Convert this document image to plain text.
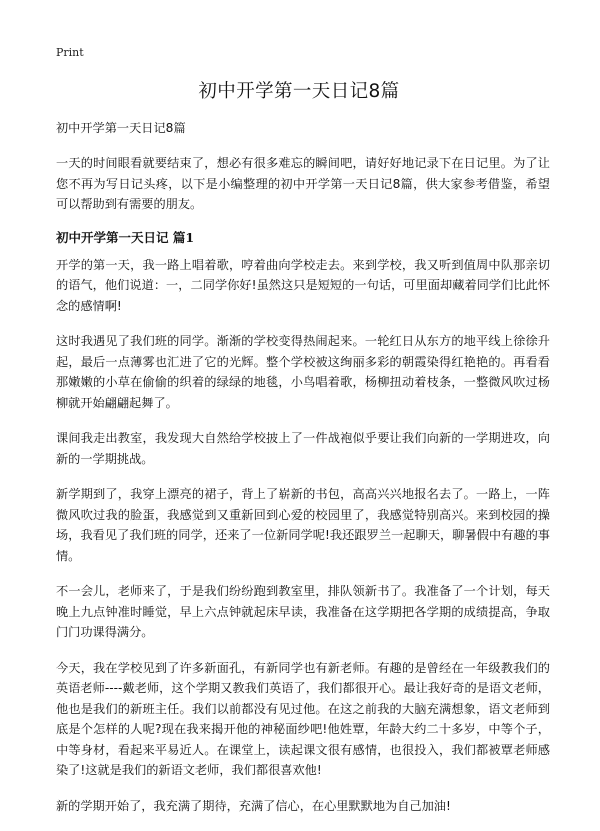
Print
初中开学第一天日记8篇

初中开学第一天日记8篇

一天的时间眼看就要结束了，想必有很多难忘的瞬间吧，请好好地记录下在日记里。为了让您不再为写日记头疼，以下是小编整理的初中开学第一天日记8篇，供大家参考借鉴，希望可以帮助到有需要的朋友。

初中开学第一天日记 篇1

开学的第一天，我一路上唱着歌，哼着曲向学校走去。来到学校，我又听到值周中队那亲切的语气，他们说道：一，二同学你好!虽然这只是短短的一句话，可里面却藏着同学们比此怀念的感情啊!

这时我遇见了我们班的同学。渐渐的学校变得热闹起来。一轮红日从东方的地平线上徐徐升起，最后一点薄雾也汇进了它的光辉。整个学校被这绚丽多彩的朝霞染得红艳艳的。再看看那嫩嫩的小草在偷偷的织着的绿绿的地毯，小鸟唱着歌，杨柳扭动着枝条，一整微风吹过杨柳就开始翩翩起舞了。

课间我走出教室，我发现大自然给学校披上了一件战袍似乎要让我们向新的一学期进攻，向新的一学期挑战。

新学期到了，我穿上漂亮的裙子，背上了崭新的书包，高高兴兴地报名去了。一路上，一阵微风吹过我的脸蛋，我感觉到又重新回到心爱的校园里了，我感觉特别高兴。来到校园的操场，我看见了我们班的同学，还来了一位新同学呢!我还跟罗兰一起聊天，聊暑假中有趣的事情。

不一会儿，老师来了，于是我们纷纷跑到教室里，排队领新书了。我准备了一个计划，每天晚上九点钟准时睡觉，早上六点钟就起床早读，我准备在这学期把各学期的成绩提高，争取门门功课得满分。

今天，我在学校见到了许多新面孔，有新同学也有新老师。有趣的是曾经在一年级教我们的英语老师----戴老师，这个学期又教我们英语了，我们都很开心。最让我好奇的是语文老师，他也是我们的新班主任。我们以前都没有见过他。在这之前我的大脑充满想象，语文老师到底是个怎样的人呢?现在我来揭开他的神秘面纱吧!他姓覃，年龄大约二十多岁，中等个子，中等身材，看起来平易近人。在课堂上，读起课文很有感情，也很投入，我们都被覃老师感染了!这就是我们的新语文老师，我们都很喜欢他!

新的学期开始了，我充满了期待，充满了信心，在心里默默地为自己加油!
